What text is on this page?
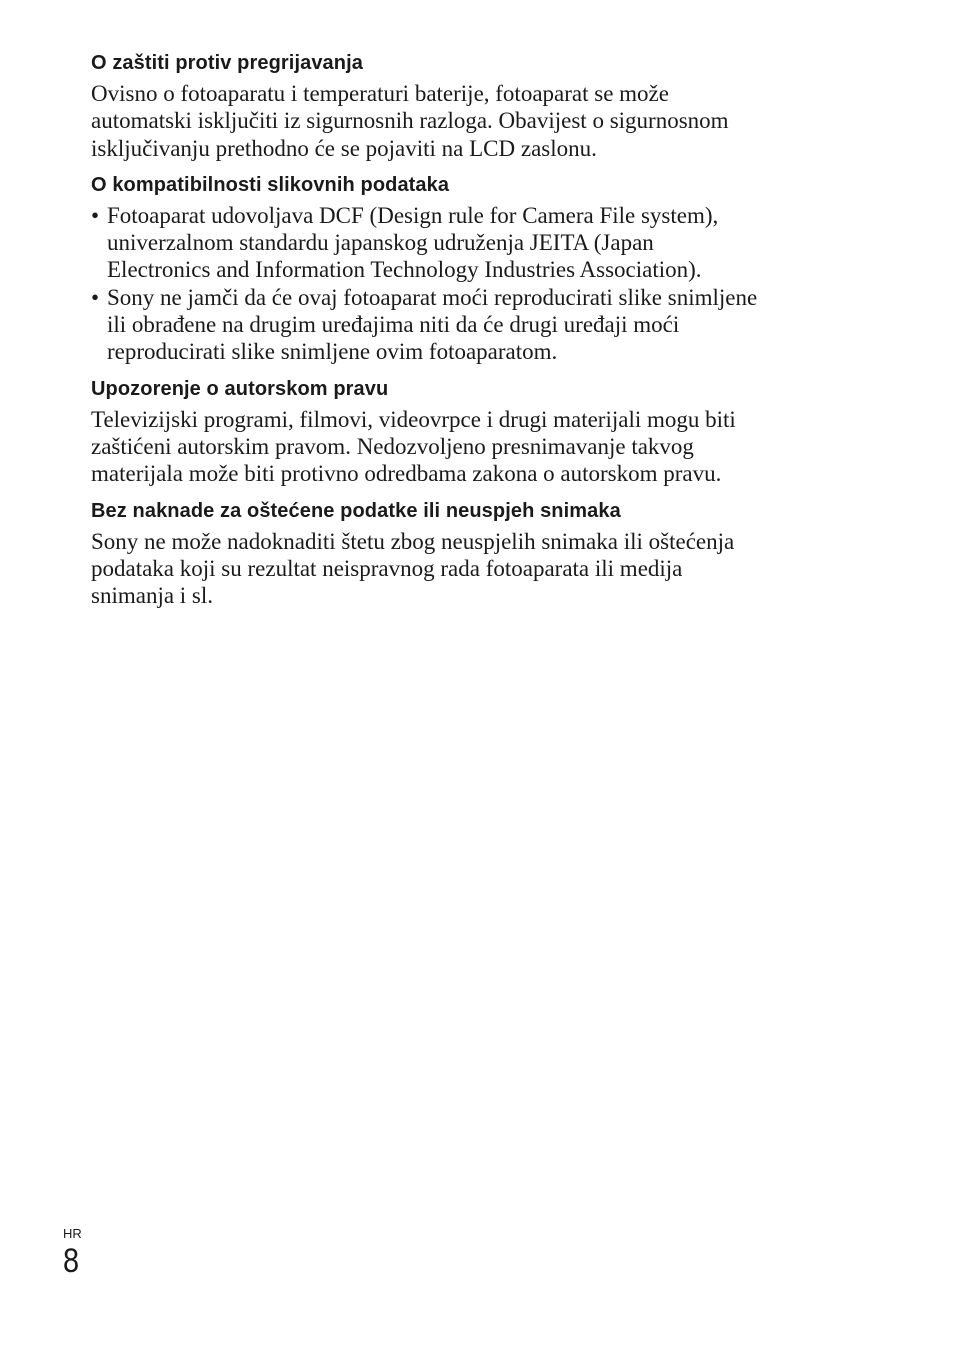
O zaštiti protiv pregrijavanja

Ovisno o fotoaparatu i temperaturi baterije, fotoaparat se može
automatski isključiti iz sigurnosnih razloga. Obavijest o sigurnosnom
isključivanju prethodno će se pojaviti na LCD zaslonu.

O kompatibilnosti slikovnih podataka
• Fotoaparat udovoljava DCF (Design rule for Camera File system),
univerzalnom standardu japanskog udruženja JEITA (Japan
Electronics and Information Technology Industries Association).
• Sony ne jamči da će ovaj fotoaparat moći reproducirati slike snimljene
ili obrađene na drugim uređajima niti da će drugi uređaji moći
reproducirati slike snimljene ovim fotoaparatom.
Upozorenje o autorskom pravu

Televizijski programi, filmovi, videovrpce i drugi materijali mogu biti
zaštićeni autorskim pravom. Nedozvoljeno presnimavanje takvog
materijala može biti protivno odredbama zakona o autorskom pravu.

Bez naknade za oštećene podatke ili neuspjeh snimaka

Sony ne može nadoknaditi štetu zbog neuspjelih snimaka ili oštećenja
podataka koji su rezultat neispravnog rada fotoaparata ili medija
snimanja i sl.

HR
8
